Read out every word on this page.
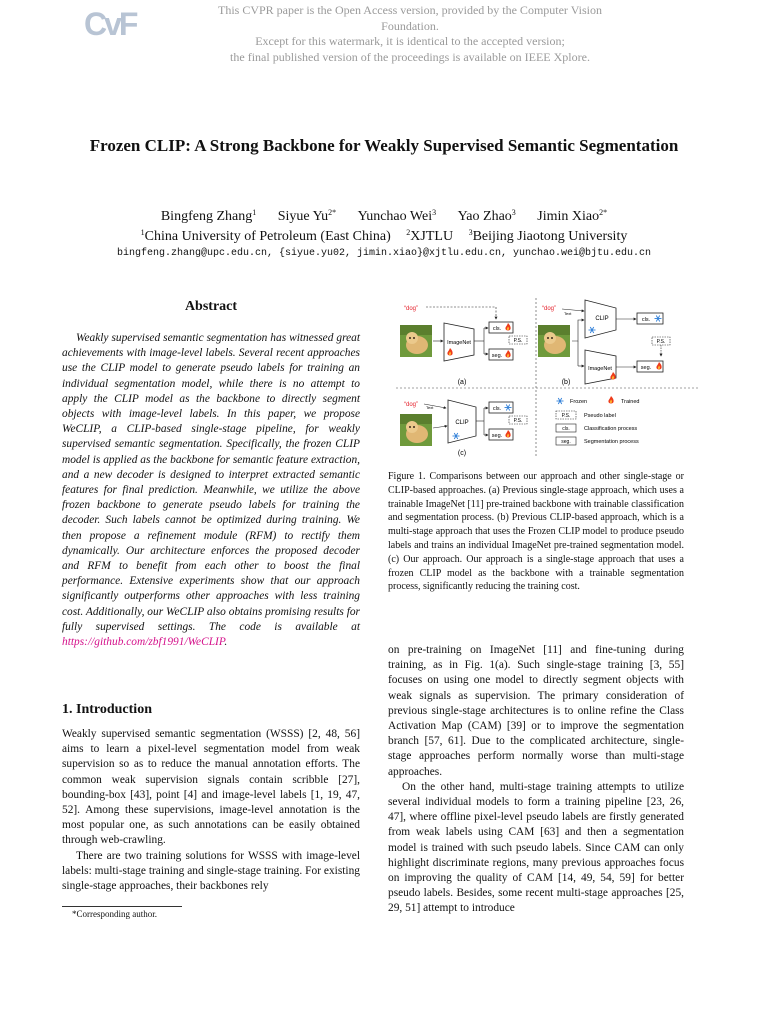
CvF	This CVPR paper is the Open Access version, provided by the Computer Vision Foundation.
Except for this watermark, it is identical to the accepted version;
the final published version of the proceedings is available on IEEE Xplore.
Frozen CLIP: A Strong Backbone for Weakly Supervised Semantic Segmentation
Bingfeng Zhang$^1$ Siyue $Yu^{2*}$ Yunchao Wei$^3$ Yao Zhao$^3$ Jimin Xiao$^{2*}$
$^1$China University of Petroleum (East China) $^2$XJTLU $^3$Beijing Jiaotong University
bingfeng.zhang@upc.edu.cn, {siyue.yu02, jimin.xiao}@xjtlu.edu.cn, yunchao.wei@bjtu.edu.cn
Abstract
Weakly supervised semantic segmentation has witnessed great achievements with image-level labels. Several recent approaches use the CLIP model to generate pseudo labels for training an individual segmentation model, while there is no attempt to apply the CLIP model as the backbone to directly segment objects with image-level labels. In this paper, we propose WeCLIP, a CLIP-based single-stage pipeline, for weakly supervised semantic segmentation. Specifically, the frozen CLIP model is applied as the backbone for semantic feature extraction, and a new decoder is designed to interpret extracted semantic features for final prediction. Meanwhile, we utilize the above frozen backbone to generate pseudo labels for training the decoder. Such labels cannot be optimized during training. We then propose a refinement module (RFM) to rectify them dynamically. Our architecture enforces the proposed decoder and RFM to benefit from each other to boost the final performance. Extensive experiments show that our approach significantly outperforms other approaches with less training cost. Additionally, our WeCLIP also obtains promising results for fully supervised settings. The code is available at https://github.com/zbf1991/WeCLIP.
1. Introduction

Weakly supervised semantic segmentation (WSSS) [2, 48, 56] aims to learn a pixel-level segmentation model from weak supervision so as to reduce the manual annotation efforts. The common weak supervision signals contain scribble [27], bounding-box [43], point [4] and image-level labels [1, 19, 47, 52]. Among these supervisions, image-level annotation is the most popular one, as such annotations can be easily obtained through web-crawling.

There are two training solutions for WSSS with image-level labels: multi-stage training and single-stage training. For existing single-stage approaches, their backbones rely

*Corresponding author.
“dog”
ImageNet
cls.
P.S.
seg.
(a)
“dog”
Text
CLIP	cls.
P.S.
ImageNet	seg.
(b)
“dog” Text
CLIP
cls.
P.S.
seg.
(c)
Frozen	Trained
P.S. Pseudo label
cls.	Classification process
seg. Segmentation process
Figure 1. Comparisons between our approach and other single-stage or CLIP-based approaches. (a) Previous single-stage approach, which uses a trainable ImageNet [11] pre-trained backbone with trainable classification and segmentation process. (b) Previous CLIP-based approach, which is a multi-stage approach that uses the Frozen CLIP model to produce pseudo labels and trains an individual ImageNet pre-trained segmentation model. (c) Our approach. Our approach is a single-stage approach that uses a frozen CLIP model as the backbone with a trainable segmentation process, significantly reducing the training cost.

on pre-training on ImageNet [11] and fine-tuning during training, as in Fig. 1(a). Such single-stage training [3, 55] focuses on using one model to directly segment objects with weak signals as supervision. The primary consideration of previous single-stage architectures is to online refine the Class Activation Map (CAM) [39] or to improve the segmentation branch [57, 61]. Due to the complicated architecture, single-stage approaches perform normally worse than multi-stage approaches.

On the other hand, multi-stage training attempts to utilize several individual models to form a training pipeline [23, 26, 47], where offline pixel-level pseudo labels are firstly generated from weak labels using CAM [63] and then a segmentation model is trained with such pseudo labels. Since CAM can only highlight discriminate regions, many previous approaches focus on improving the quality of CAM [14, 49, 54, 59] for better pseudo labels. Besides, some recent multi-stage approaches [25, 29, 51] attempt to introduce
